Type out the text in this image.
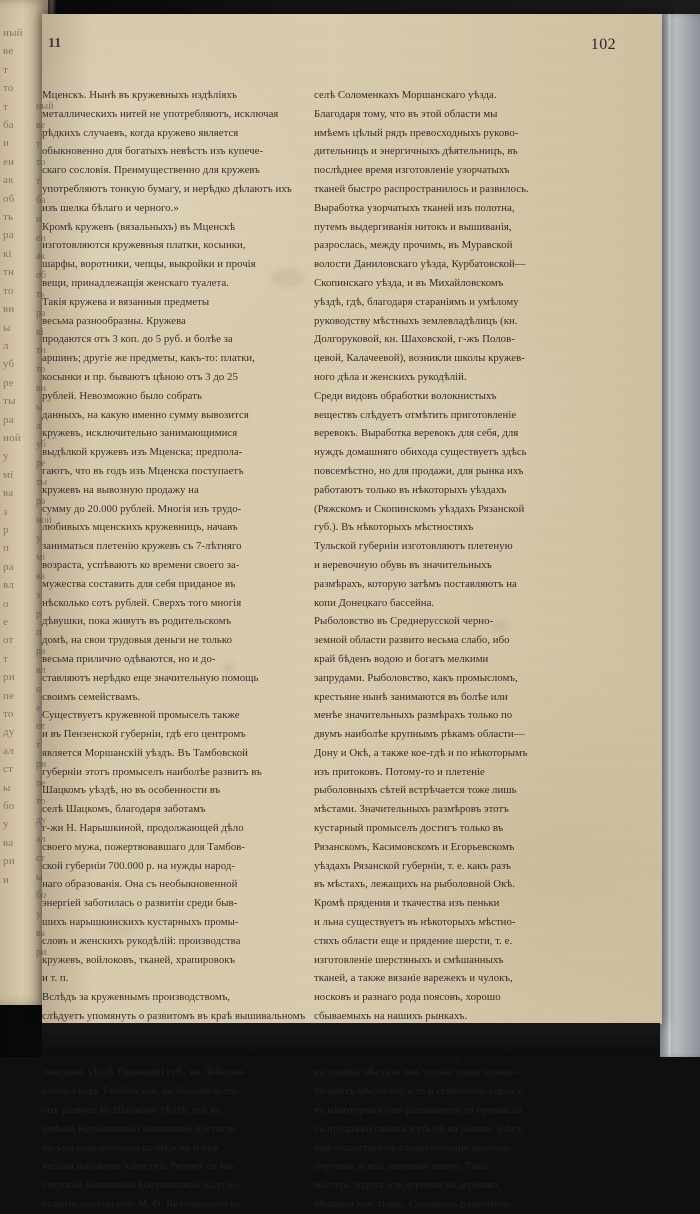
ный
ве
т
то
т
ба
и
ен
ак
об
ть
ра
кі
тн
то
вн
ы
л
уб
ре
ты
ра
ной
у
мі
ва
з
р
п
ра
вл
о
е
от
т
ри
пе
то
ду
ал
ст
ы
бо
у
ва
ри
и
11	102
ный
ве
т
то
т
ба
и
ен
ак
об
ть
ра
кі
тн
то
вн
ы
л
уб
ре
ты
ра
ной
у
мі
ва
з
р
п
ра
вл
о
е
от
т
ри
пе
то
ду
ал
ст
ы
бо
у
ва
ри
Мценскъ. Нынѣ въ кружевныхъ издѣліяхъ
металлическихъ нитей не употребляютъ, исключая
рѣдкихъ случаевъ, когда кружево является
обыкновенно для богатыхъ невѣстъ изъ купече-
скаго сословія. Преимущественно для кружевъ
употребляютъ тонкую бумагу, и нерѣдко дѣлаютъ ихъ
изъ шелка бѣлаго и черного.»
Кромѣ кружевъ (вязальныхъ) въ Мценскѣ
изготовляются кружевныя платки, косынки,
шарфы, воротники, чепцы, выкройки и прочія
вещи, принадлежащія женскаго туалета.
Такія кружева и вязанныя предметы
весьма разнообразны. Кружева
продаются отъ 3 коп. до 5 руб. и болѣе за
аршинъ; другіе же предметы, какъ-то: платки,
косынки и пр. бываютъ цѣною отъ 3 до 25
рублей. Невозможно было собрать
данныхъ, на какую именно сумму вывозится
кружевъ, исключительно занимающимися
выдѣлкой кружевъ изъ Мценска; предпола-
гаютъ, что въ годъ изъ Мценска поступаетъ
кружевъ на вывозную продажу на
сумму до 20.000 рублей. Многія изъ трудо-
любивыхъ мценскихъ кружевницъ, начавъ
заниматься плетенію кружевъ съ 7-лѣтняго
возраста, успѣваютъ ко времени своего за-
мужества составить для себя приданое въ
нѣсколько сотъ рублей. Сверхъ того многія
дѣвушки, пока живутъ въ родительскомъ
домѣ, на свои трудовыя деньги не только
весьма прилично одѣваются, но и до-
ставляютъ нерѣдко еще значительную помощь
своимъ семействамъ.
Существуетъ кружевной промыселъ также
и въ Пензенской губерніи, гдѣ его центромъ
является Моршанскій уѣздъ. Въ Тамбовской
губерніи этотъ промыселъ наиболѣе развитъ въ
Шацкомъ уѣздѣ, но въ особенности въ
селѣ Шацкомъ, благодаря заботамъ
г-жи Н. Нарышкиной, продолжающей дѣло
своего мужа, пожертвовавшаго для Тамбов-
ской губерніи 700.000 р. на нужды народ-
наго образованія. Она съ необыкновенной
энергіей заботилась о развитіи среди быв-
шихъ нарышкинскихъ кустарныхъ промы-
словъ и женскихъ рукодѣлій: производства
кружевъ, войлоковъ, тканей, храпировокъ
и т. п.
Вслѣдъ за кружевнымъ производствомъ,
слѣдуетъ упомянуть о развитомъ въ краѣ вышивальномъ
ловскомъ уѣздѣ Рязанской губ., въ Лебедян-
скомъ уѣздѣ Тамбовской, но больше всего
онъ развитъ въ Шацкомъ уѣздѣ, гдѣ въ
имѣніи Нарышкиной вышиваніе достигло
весьма сравнительно размѣровъ и при
весьма высокомъ качествѣ. Рядомъ съ ма-
стерской вышиванія Нарышкиной надо по-
ставить мастерскую М. Ѳ. Якунчиковой въ
селѣ Соломенкахъ Моршанскаго уѣзда.
Благодаря тому, что въ этой области мы
имѣемъ цѣлый рядъ превосходныхъ руково-
дительницъ и энергичныхъ дѣятельницъ, въ
послѣднее время изготовленіе узорчатыхъ
тканей быстро распространилось и развилось.
Выработка узорчатыхъ тканей изъ полотна,
путемъ выдергиванія нитокъ и вышиванія,
разрослась, между прочимъ, въ Муравской
волости Даниловскаго уѣзда, Курбатовской—
Скопинскаго уѣзда, и въ Михайловскомъ
уѣздѣ, гдѣ, благодаря стараніямъ и умѣлому
руководству мѣстныхъ землевладѣлицъ (кн.
Долгоруковой, кн. Шаховской, г-жъ Полов-
цевой, Калачеевой), возникли школы кружев-
ного дѣла и женскихъ рукодѣлій.
Среди видовъ обработки волокнистыхъ
веществъ слѣдуетъ отмѣтить приготовленіе
веревокъ. Выработка веревокъ для себя, для
нуждъ домашняго обихода существуетъ здѣсь
повсемѣстно, но для продажи, для рынка ихъ
работаютъ только въ нѣкоторыхъ уѣздахъ
(Ряжскомъ и Скопинскомъ уѣздахъ Рязанской
губ.). Въ нѣкоторыхъ мѣстностяхъ
Тульской губерніи изготовляютъ плетеную
и веревочную обувь въ значительныхъ
размѣрахъ, которую затѣмъ поставляютъ на
копи Донецкаго бассейна.
Рыболовство въ Среднерусской черно-
земной области развито весьма слабо, ибо
край бѣденъ водою и богатъ мелкими
запрудами. Рыболовство, какъ промысломъ,
крестьяне нынѣ занимаются въ болѣе или
менѣе значительныхъ размѣрахъ только по
двумъ наиболѣе крупнымъ рѣкамъ области—
Дону и Окѣ, а также кое-гдѣ и по нѣкоторымъ
изъ притоковъ. Потому-то и плетеніе
рыболовныхъ сѣтей встрѣчается тоже лишь
мѣстами. Значительныхъ размѣровъ этотъ
кустарный промыселъ достигъ только въ
Рязанскомъ, Касимовскомъ и Егорьевскомъ
уѣздахъ Рязанской губерніи, т. е. какъ разъ
въ мѣстахъ, лежащихъ на рыболовной Окѣ.
Кромѣ прядения и ткачества изъ пеньки
и льна существуетъ въ нѣкоторыхъ мѣстно-
стяхъ области еще и прядение шерсти, т. е.
изготовленіе шерстяныхъ и смѣшанныхъ
тканей, а также вязаніе варежекъ и чулокъ,
носковъ и разнаго рода поясовъ, хорошо
сбываемыхъ на нашихъ рынкахъ.
въ однихъ мѣстахъ онъ только лишь удовле-
творяетъ мѣстному, а то и семейному спросу,
въ нѣкоторыхъ уже развивается до промысла
съ продажей своихъ издѣлій на рынки. Здѣсь
еще существуютъ странствующіе мастера-
портные, и ихъ довольно много. Такіе
мастера ходятъ изъ деревни въ деревню,
обшивая крестьянъ. Сильнымъ развитіемъ
